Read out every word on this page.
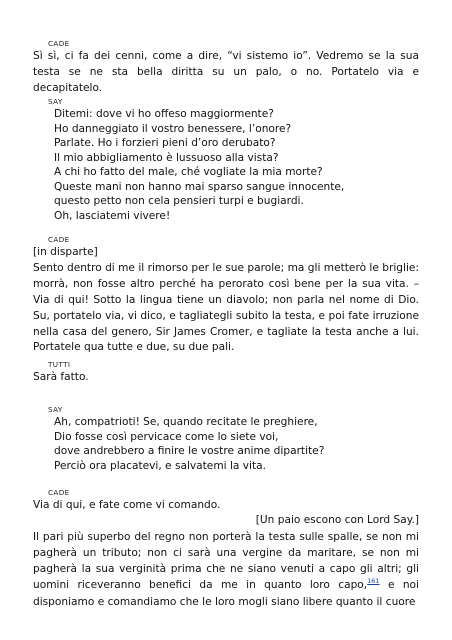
CADE

Sì sì, ci fa dei cenni, come a dire, “vi sistemo io”. Vedremo se la sua testa se ne sta bella diritta su un palo, o no. Portatelo via e decapitatelo.

SAY
Ditemi: dove vi ho offeso maggiormente?
Ho danneggiato il vostro benessere, l’onore?
Parlate. Ho i forzieri pieni d’oro derubato?
Il mio abbigliamento è lussuoso alla vista?
A chi ho fatto del male, ché vogliate la mia morte?
Queste mani non hanno mai sparso sangue innocente,
questo petto non cela pensieri turpi e bugiardi.
Oh, lasciatemi vivere!
CADE
[in disparte]
Sento dentro di me il rimorso per le sue parole; ma gli metterò le briglie: morrà, non fosse altro perché ha perorato così bene per la sua vita. – Via di qui! Sotto la lingua tiene un diavolo; non parla nel nome di Dio. Su, portatelo via, vi dico, e tagliategli subito la testa, e poi fate irruzione nella casa del genero, Sir James Cromer, e tagliate la testa anche a lui. Portatele qua tutte e due, su due pali.
TUTTI

Sarà fatto.

SAY
Ah, compatrioti! Se, quando recitate le preghiere,
Dio fosse così pervicace come lo siete voi,
dove andrebbero a finire le vostre anime dipartite?
Perciò ora placatevi, e salvatemi la vita.
CADE

Via di qui, e fate come vi comando.

[Un paio escono con Lord Say.]

Il pari più superbo del regno non porterà la testa sulle spalle, se non mi pagherà un tributo; non ci sarà una vergine da maritare, se non mi pagherà la sua verginità prima che ne siano venuti a capo gli altri; gli uomini riceveranno benefici da me in quanto loro capo,$^{161}$ e noi disponiamo e comandiamo che le loro mogli siano libere quanto il cuore
